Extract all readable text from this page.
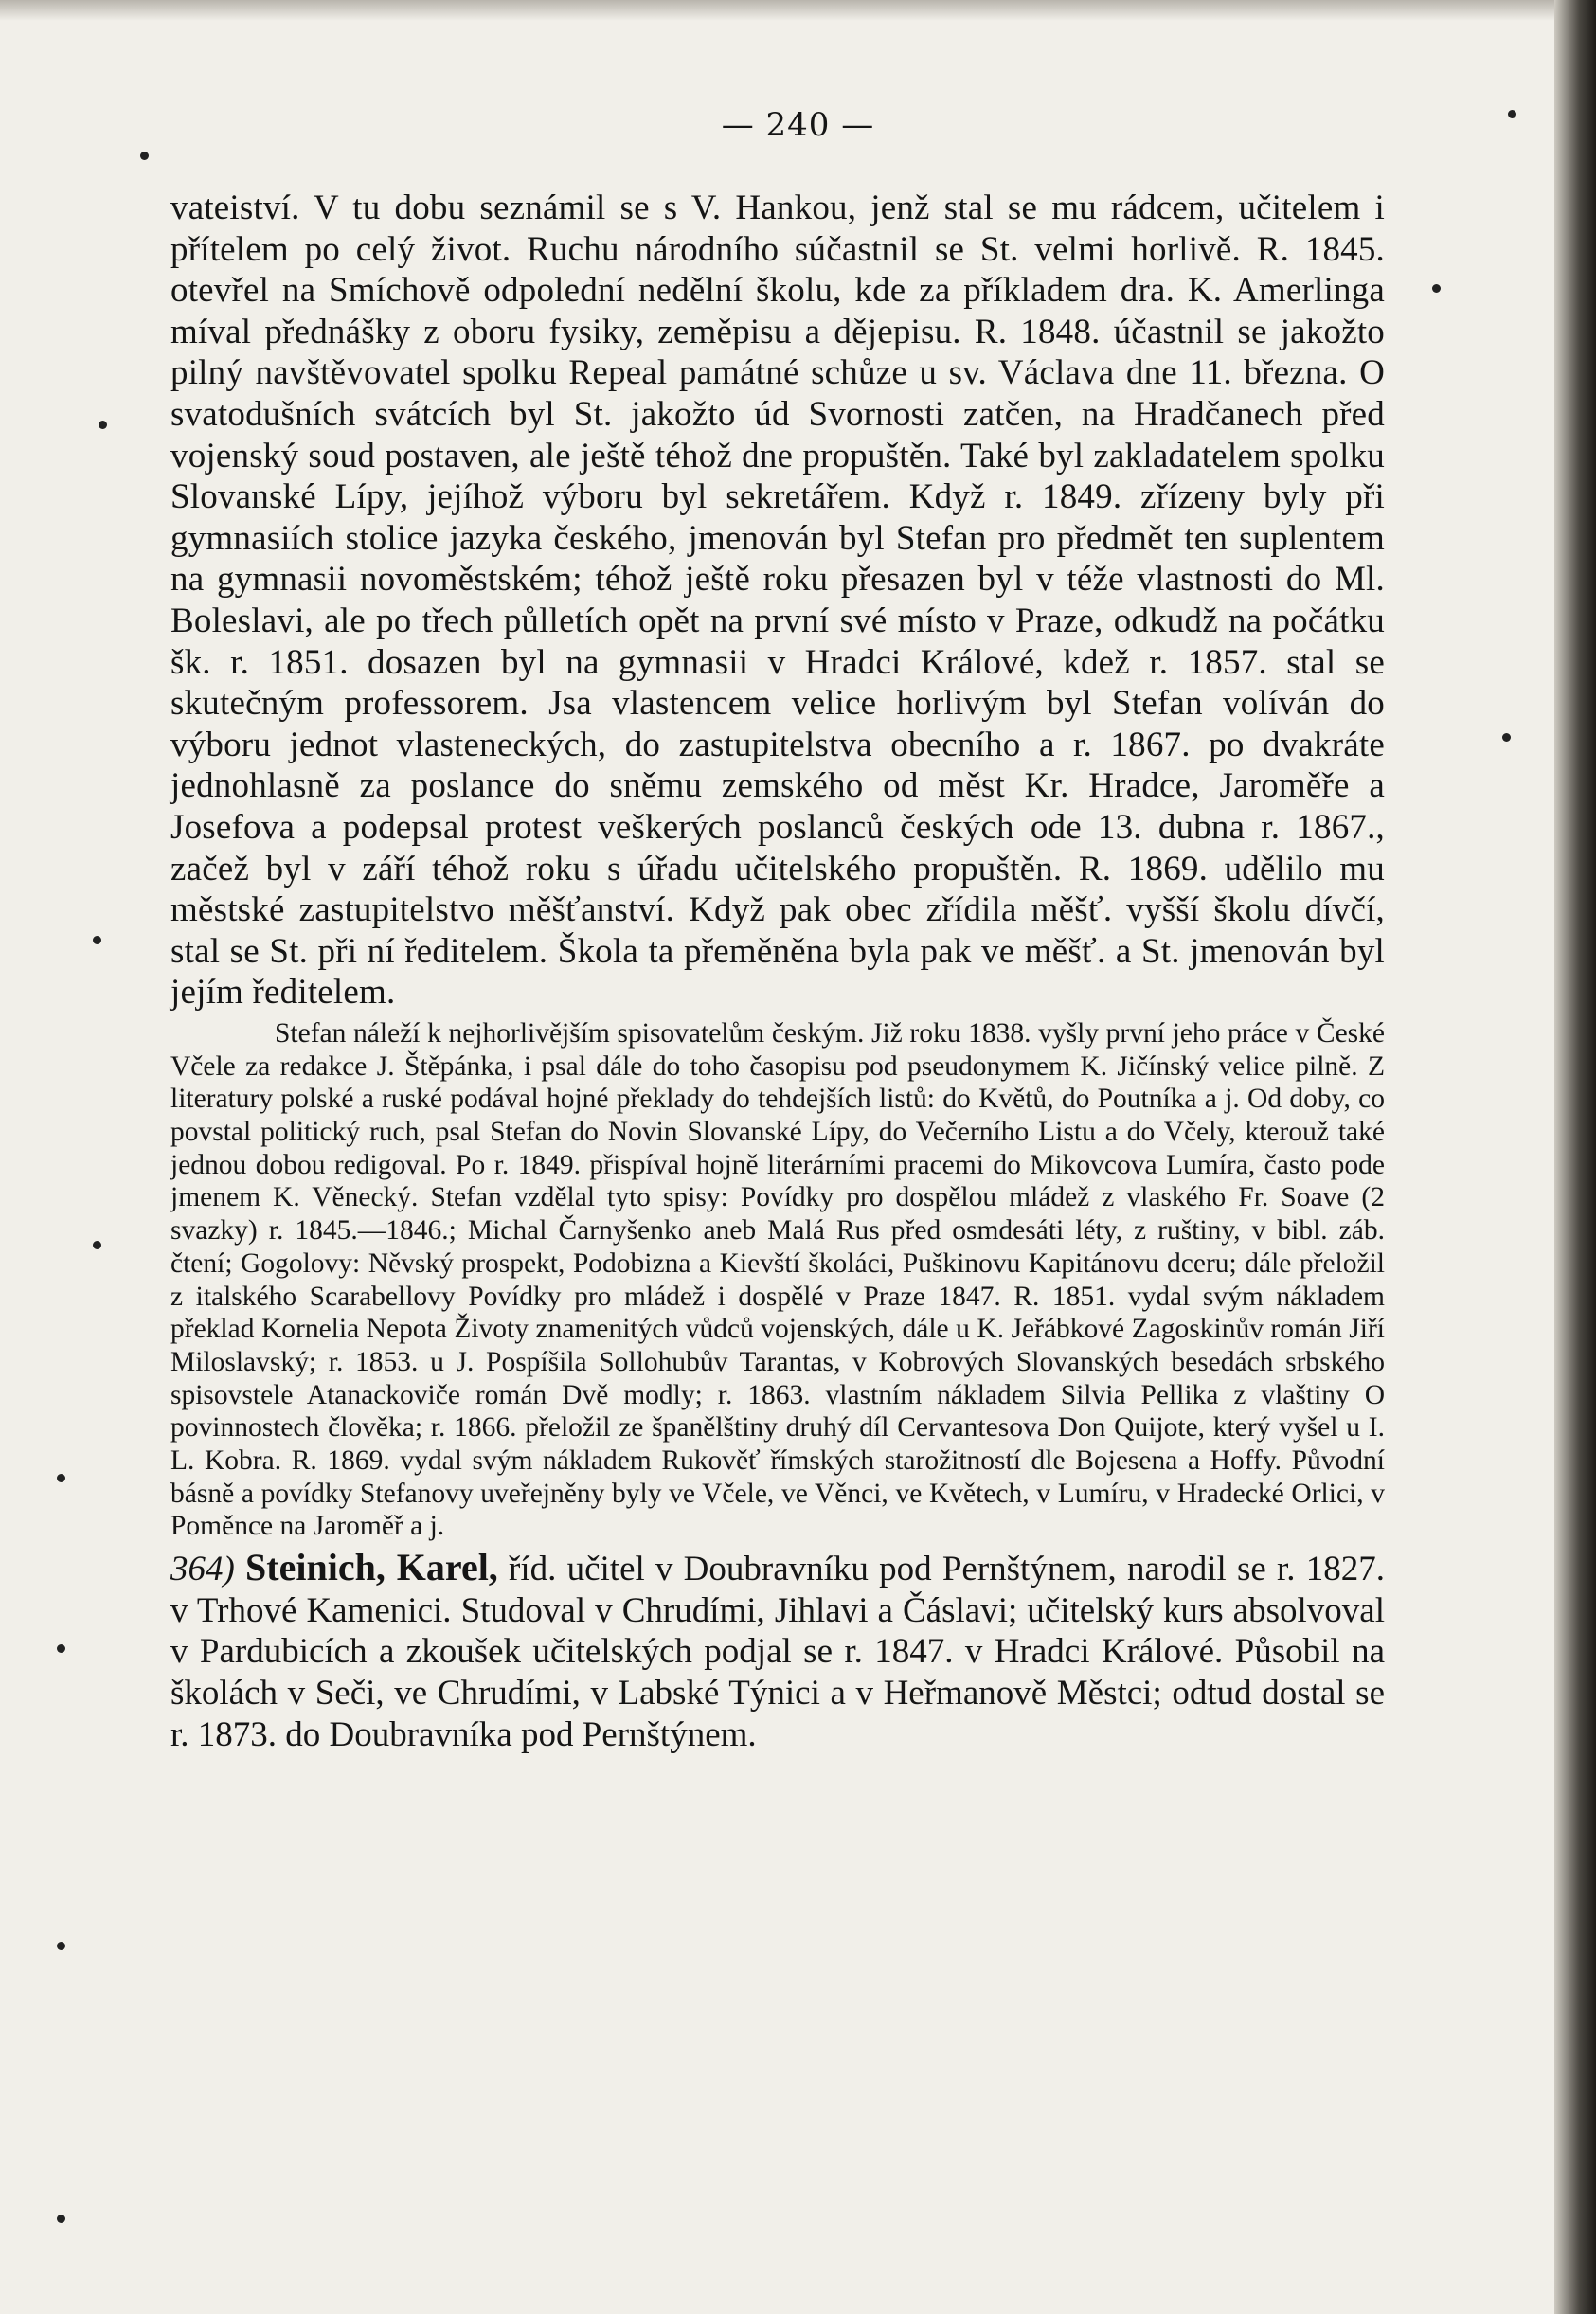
— 240 —

vateiství. V tu dobu seznámil se s V. Hankou, jenž stal se mu rádcem, učitelem i přítelem po celý život. Ruchu národního súčastnil se St. velmi horlivě. R. 1845. otevřel na Smíchově odpolední nedělní školu, kde za příkladem dra. K. Amerlinga míval přednášky z oboru fysiky, zeměpisu a dějepisu. R. 1848. účastnil se jakožto pilný navštěvovatel spolku Repeal památné schůze u sv. Václava dne 11. března. O svatodušních svátcích byl St. jakožto úd Svornosti zatčen, na Hradčanech před vojenský soud postaven, ale ještě téhož dne propuštěn. Také byl zakladatelem spolku Slovanské Lípy, jejíhož výboru byl sekretářem. Když r. 1849. zřízeny byly při gymnasiích stolice jazyka českého, jmenován byl Stefan pro předmět ten suplentem na gymnasii novoměstském; téhož ještě roku přesazen byl v téže vlastnosti do Ml. Boleslavi, ale po třech půlletích opět na první své místo v Praze, odkudž na počátku šk. r. 1851. dosazen byl na gymnasii v Hradci Králové, kdež r. 1857. stal se skutečným professorem. Jsa vlastencem velice horlivým byl Stefan volíván do výboru jednot vlasteneckých, do zastupitelstva obecního a r. 1867. po dvakráte jednohlasně za poslance do sněmu zemského od měst Kr. Hradce, Jaroměře a Josefova a podepsal protest veškerých poslanců českých ode 13. dubna r. 1867., začež byl v září téhož roku s úřadu učitelského propuštěn. R. 1869. udělilo mu městské zastupitelstvo měšťanství. Když pak obec zřídila měšť. vyšší školu dívčí, stal se St. při ní ředitelem. Škola ta přeměněna byla pak ve měšť. a St. jmenován byl jejím ředitelem.

Stefan náleží k nejhorlivějším spisovatelům českým. Již roku 1838. vyšly první jeho práce v České Včele za redakce J. Štěpánka, i psal dále do toho časopisu pod pseudonymem K. Jičínský velice pilně. Z literatury polské a ruské podával hojné překlady do tehdejších listů: do Květů, do Poutníka a j. Od doby, co povstal politický ruch, psal Stefan do Novin Slovanské Lípy, do Večerního Listu a do Včely, kterouž také jednou dobou redigoval. Po r. 1849. přispíval hojně literárními pracemi do Mikovcova Lumíra, často pode jmenem K. Věnecký. Stefan vzdělal tyto spisy: Povídky pro dospělou mládež z vlaského Fr. Soave (2 svazky) r. 1845.—1846.; Michal Čarnyšenko aneb Malá Rus před osmdesáti léty, z ruštiny, v bibl. záb. čtení; Gogolovy: Něvský prospekt, Podobizna a Kievští školáci, Puškinovu Kapitánovu dceru; dále přeložil z italského Scarabellovy Povídky pro mládež i dospělé v Praze 1847. R. 1851. vydal svým nákladem překlad Kornelia Nepota Životy znamenitých vůdců vojenských, dále u K. Jeřábkové Zagoskinův román Jiří Miloslavský; r. 1853. u J. Pospíšila Sollohubův Tarantas, v Kobrových Slovanských besedách srbského spisovstele Atanackoviče román Dvě modly; r. 1863. vlastním nákladem Silvia Pellika z vlaštiny O povinnostech člověka; r. 1866. přeložil ze španělštiny druhý díl Cervantesova Don Quijote, který vyšel u I. L. Kobra. R. 1869. vydal svým nákladem Rukověť římských starožitností dle Bojesena a Hoffy. Původní básně a povídky Stefanovy uveřejněny byly ve Včele, ve Věnci, ve Květech, v Lumíru, v Hradecké Orlici, v Poměnce na Jaroměř a j.

364) Steinich, Karel, říd. učitel v Doubravníku pod Pernštýnem, narodil se r. 1827. v Trhové Kamenici. Studoval v Chrudími, Jihlavi a Čáslavi; učitelský kurs absolvoval v Pardubicích a zkoušek učitelských podjal se r. 1847. v Hradci Králové. Působil na školách v Seči, ve Chrudími, v Labské Týnici a v Heřmanově Městci; odtud dostal se r. 1873. do Doubravníka pod Pernštýnem.
